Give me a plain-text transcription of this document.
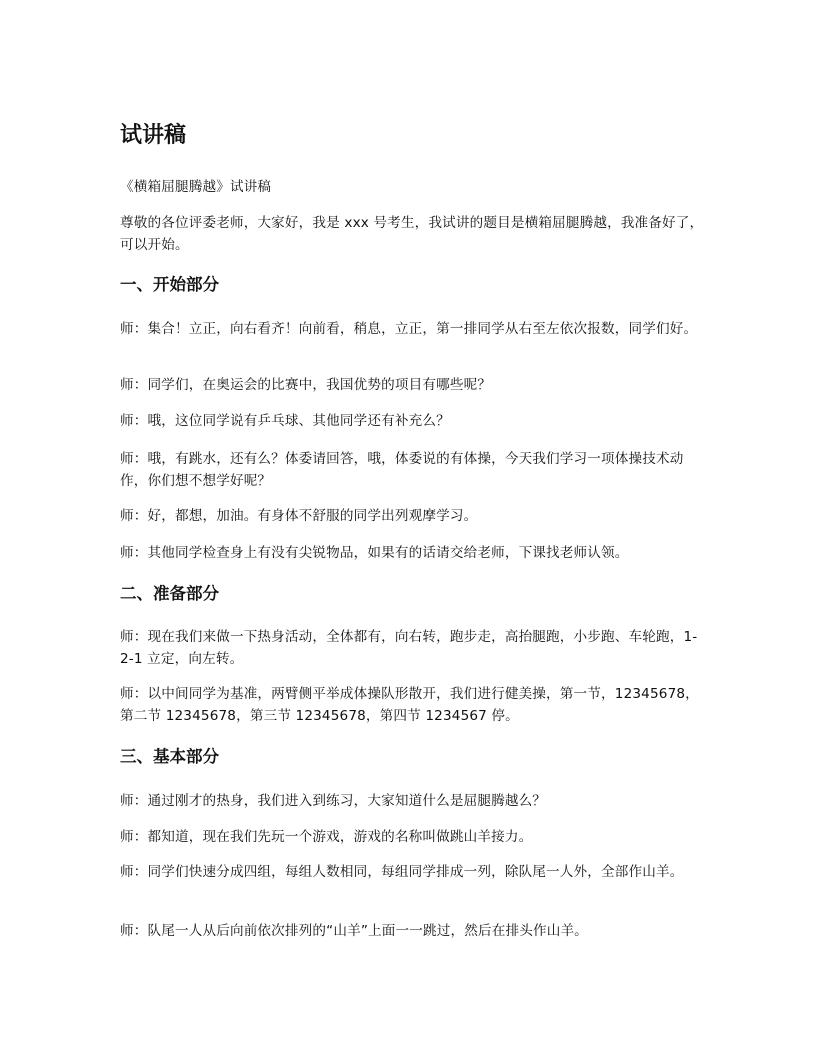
试讲稿

《横箱屈腿腾越》试讲稿

尊敬的各位评委老师，大家好，我是 xxx 号考生，我试讲的题目是横箱屈腿腾越，我准备好了，可以开始。

一、开始部分

师：集合！立正，向右看齐！向前看，稍息，立正，第一排同学从右至左依次报数，同学们好。

师：同学们，在奥运会的比赛中，我国优势的项目有哪些呢？

师：哦，这位同学说有乒乓球、其他同学还有补充么？

师：哦，有跳水，还有么？体委请回答，哦，体委说的有体操，今天我们学习一项体操技术动作，你们想不想学好呢？

师：好，都想，加油。有身体不舒服的同学出列观摩学习。

师：其他同学检查身上有没有尖锐物品，如果有的话请交给老师，下课找老师认领。

二、准备部分

师：现在我们来做一下热身活动，全体都有，向右转，跑步走，高抬腿跑，小步跑、车轮跑，1-2-1 立定，向左转。

师：以中间同学为基准，两臂侧平举成体操队形散开，我们进行健美操，第一节，12345678，第二节 12345678，第三节 12345678，第四节 1234567 停。

三、基本部分

师：通过刚才的热身，我们进入到练习，大家知道什么是屈腿腾越么？

师：都知道，现在我们先玩一个游戏，游戏的名称叫做跳山羊接力。

师：同学们快速分成四组，每组人数相同，每组同学排成一列，除队尾一人外，全部作山羊。

师：队尾一人从后向前依次排列的“山羊”上面一一跳过，然后在排头作山羊。
